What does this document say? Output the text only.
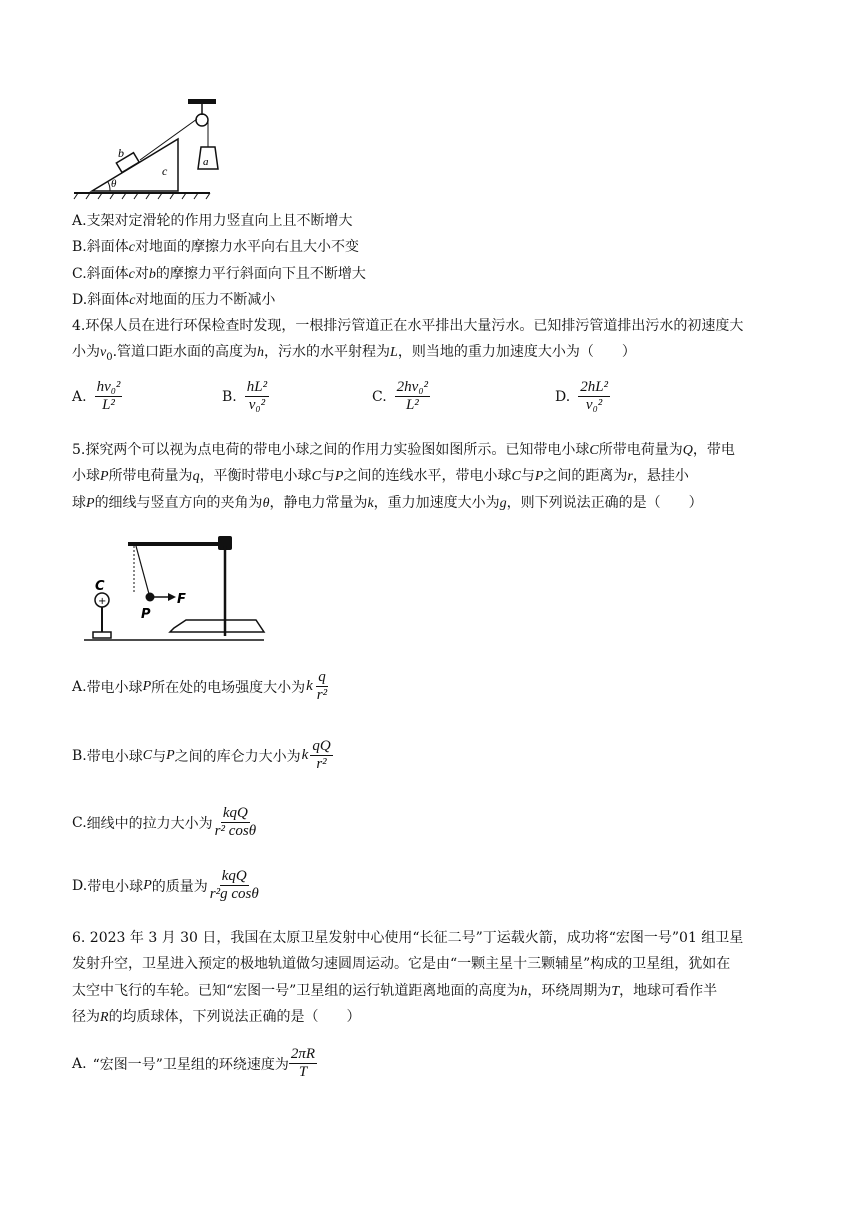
b
c
a
θ
A.支架对定滑轮的作用力竖直向上且不断增大
B.斜面体c对地面的摩擦力水平向右且大小不变
C.斜面体c对b的摩擦力平行斜面向下且不断增大
D.斜面体c对地面的压力不断减小
4.环保人员在进行环保检查时发现，一根排污管道正在水平排出大量污水。已知排污管道排出污水的初速度大
小为$v_0$.管道口距水面的高度为h，污水的水平射程为L，则当地的重力加速度大小为（　　）
A. $\frac{\text{hv₀²}}{\text{L²}}$	B. $\frac{\text{hL²}}{\text{v₀²}}$	C. $\frac{\text{2hv₀²}}{\text{L²}}$	D. $\frac{\text{2hL²}}{\text{v₀²}}$
5.探究两个可以视为点电荷的带电小球之间的作用力实验图如图所示。已知带电小球C所带电荷量为Q，带电
小球P所带电荷量为q，平衡时带电小球C与P之间的连线水平，带电小球C与P之间的距离为r，悬挂小
球P的细线与竖直方向的夹角为θ，静电力常量为k，重力加速度大小为g，则下列说法正确的是（　　）
+
C
P
F
A. 带电小球 P 所在处的电场强度大小为 k $\frac{q}{\text{r²}}$
B. 带电小球 C 与 P 之间的库仑力大小为 k $\frac{qQ}{\text{r²}}$
C. 细线中的拉力大小为 $\frac{\text{kqQ}}{\text{r² cosθ}}$
D. 带电小球 P 的质量为 $\frac{\text{kqQ}}{\text{r²g cosθ}}$
6. 2023 年 3 月 30 日，我国在太原卫星发射中心使用“长征二号”丁运载火箭，成功将“宏图一号”01 组卫星
发射升空，卫星进入预定的极地轨道做匀速圆周运动。它是由“一颗主星十三颗辅星”构成的卫星组，犹如在
太空中飞行的车轮。已知“宏图一号”卫星组的运行轨道距离地面的高度为h，环绕周期为T，地球可看作半
径为R的均质球体，下列说法正确的是（　　）
A. “宏图一号”卫星组的环绕速度为 $\frac{2\pi R}{T}$
